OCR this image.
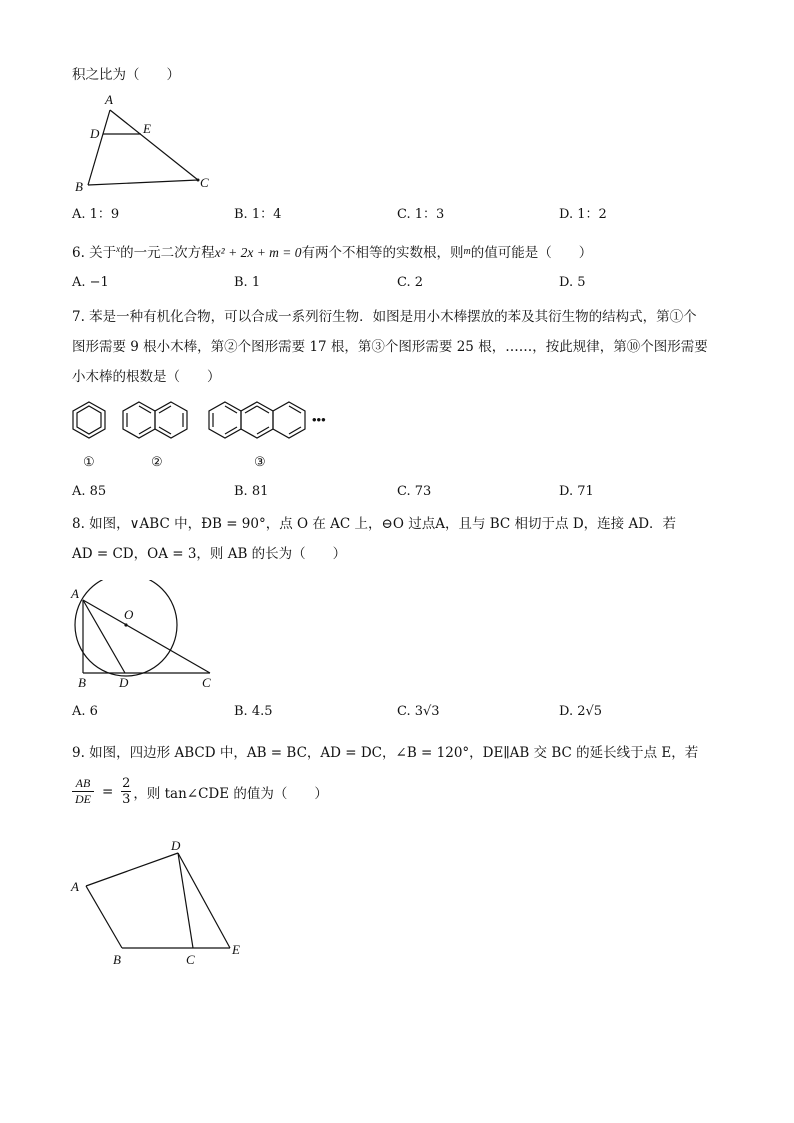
积之比为（　　）
A
D	E
B	C
A. 1：9	B. 1：4	C. 1：3	D. 1：2
6. 关于$^x$的一元二次方程x² + 2x + m = 0有两个不相等的实数根，则$^m$的值可能是（　　）
A. −1	B. 1	C. 2	D. 5
7. 苯是一种有机化合物，可以合成一系列衍生物．如图是用小木棒摆放的苯及其衍生物的结构式，第①个
图形需要 9 根小木棒，第②个图形需要 17 根，第③个图形需要 25 根，……，按此规律，第⑩个图形需要
小木棒的根数是（　　）
•••
①	②	③
A. 85	B. 81	C. 73	D. 71
8. 如图，∨ABC 中，ÐB = 90°，点 O 在 AC 上，⊖O 过点A，且与 BC 相切于点 D，连接 AD．若
AD = CD，OA = 3，则 AB 的长为（　　）
A
O
B	D	C
A. 6	B. 4.5	C. 3√3	D. 2√5
9. 如图，四边形 ABCD 中，AB = BC，AD = DC，∠B = 120°，DE∥AB 交 BC 的延长线于点 E，若
AB
DE = 2
3 ，则 tan∠CDE 的值为（　　）
A
D
B	C
E
